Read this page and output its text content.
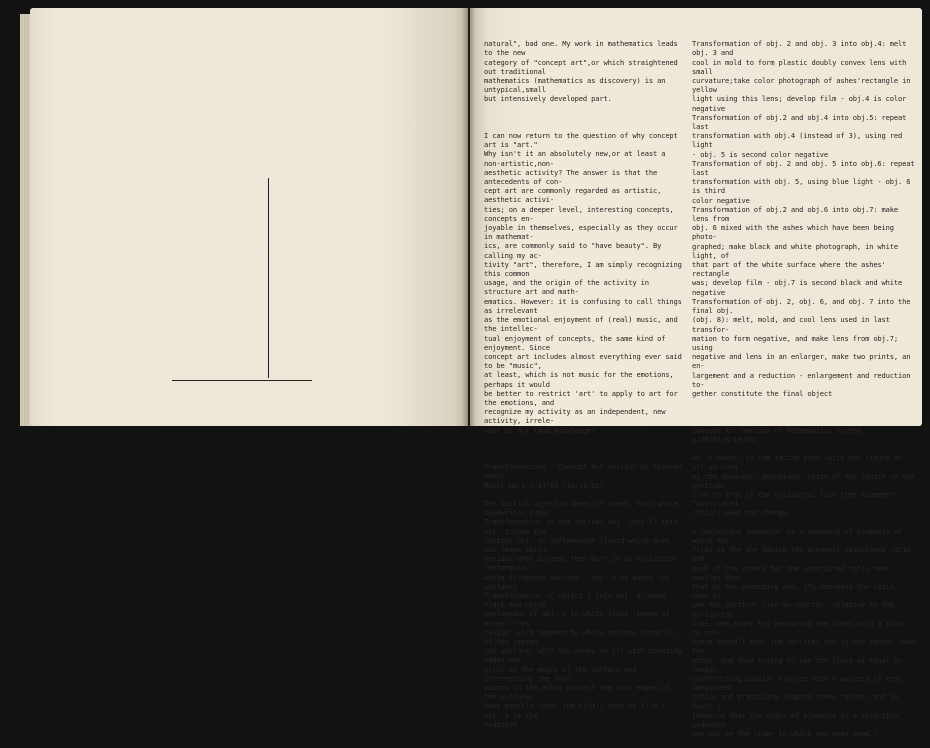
natural", bad one. My work in mathematics leads to the new
category of "concept art",or which straightened out traditional
mathematics (mathematics as discovery) is an untypical,small
but intensively developed part.

I can now return to the question of why concept art is "art."
Why isn't it an absolutely new,or at least a non-artistic,non-
aesthetic activity? The answer is that the antecedents of con-
cept art are commonly regarded as artistic, aesthetic activi-
ties; on a deeper level, interesting concepts, concepts en-
joyable in themselves, especially as they occur in mathemat-
ics, are commonly said to "have beauty". By calling my ac-
tivity "art", therefore, I am simply recognizing this common
usage, and the origin of the activity in structure art and math-
ematics. However: it is confusing to call things as irrelevant
as the emotional enjoyment of (real) music, and the intellec-
tual enjoyment of concepts, the same kind of enjoyment. Since
concept art includes almost everything ever said to be "music",
at least, which is not music for the emotions, perhaps it would
be better to restrict 'art' to apply to art for the emotions, and
recognize my activity as an independent, new activity, irrele-
vant to art (and knowledge).

Transformations - Concept Art Version of Colored Sheet
Music No.1 3/14/61 (10/11/61)

The initial object:a sheet of cheap, thin white typewriter paper
Transformation of the initial obj. (obj.1) into obj. 2:soak the
initial obj. in inflammable liquid which does not leave solid
residue when burned; then burn it on horizontal rectangular
white fireproof surface - obj. 2 is ashes (on surface)
Transformation of object 2 into obj. 3: make black and white
photograph of obj. 2 in white light (image of ashes' "rec-
tangle" with respect to white surface (that is, of the region
(of surface, with the ashes on it) with bounding edges par-
allel to the edges of the surface and intersecting the four
points in the ashes nearest the four edges of the surface)
must exactly cover the film); develop film - obj. 3 is the
negative

Transformation of obj. 2 and obj. 3 into obj.4: melt obj. 3 and
cool in mold to form plastic doubly convex lens with small
curvature;take color photograph of ashes'rectangle in yellow
light using this lens; develop film - obj.4 is color negative
Transformation of obj.2 and obj.4 into obj.5: repeat last
transformation with obj.4 (instead of 3), using red light
- obj. 5 is second color negative
Transformation of obj. 2 and obj. 5 into obj.6: repeat last
transformation with obj. 5, using blue light - obj. 6 is third
color negative
Transformation of obj.2 and obj.6 into obj.7: make lens from
obj. 6 mixed with the ashes which have been being photo-
graphed; make black and white photograph, in white light, of
that part of the white surface where the ashes' rectangle
was; develop film - obj.7 is second black and white negative
Transformation of obj. 2, obj. 6, and obj. 7 into the final obj.
(obj. 8): melt, mold, and cool lens used in last transfor-
mation to form negative, and make lens from obj.7; using
negative and lens in an enlarger, make two prints, an en-
largement and a reduction - enlargement and reduction to-
gether constitute the final object

Concept Art Version of Mathematics System 3/26/61(6/19/61)

An "element" is the facing page (with the figure on it) so long
as the apparent, perceived, ratio of the length of the vertical
line to that of the horizontal line (the element's "associated
ratio") does not change.

A "selection sequence" is a sequence of elements of which the
first is the one having the greatest associated ratio, and
each of the others has the associated ratio next smaller than
that of the preceding one. (To decrease the ratio, come to
see the vertical line as shorter, relative to the horizontal
line, one might try measuring the lines with a ruler to con-
vince oneself that the vertical one is not longer than the
other, and then trying to see the lines as equal in length;
constructing similar figures with a variety of real (measured)
ratios and practicing judging these ratios; and so forth.)
[Observe that the order of elements in a selection sequence
may not be the order in which one sees them.]
